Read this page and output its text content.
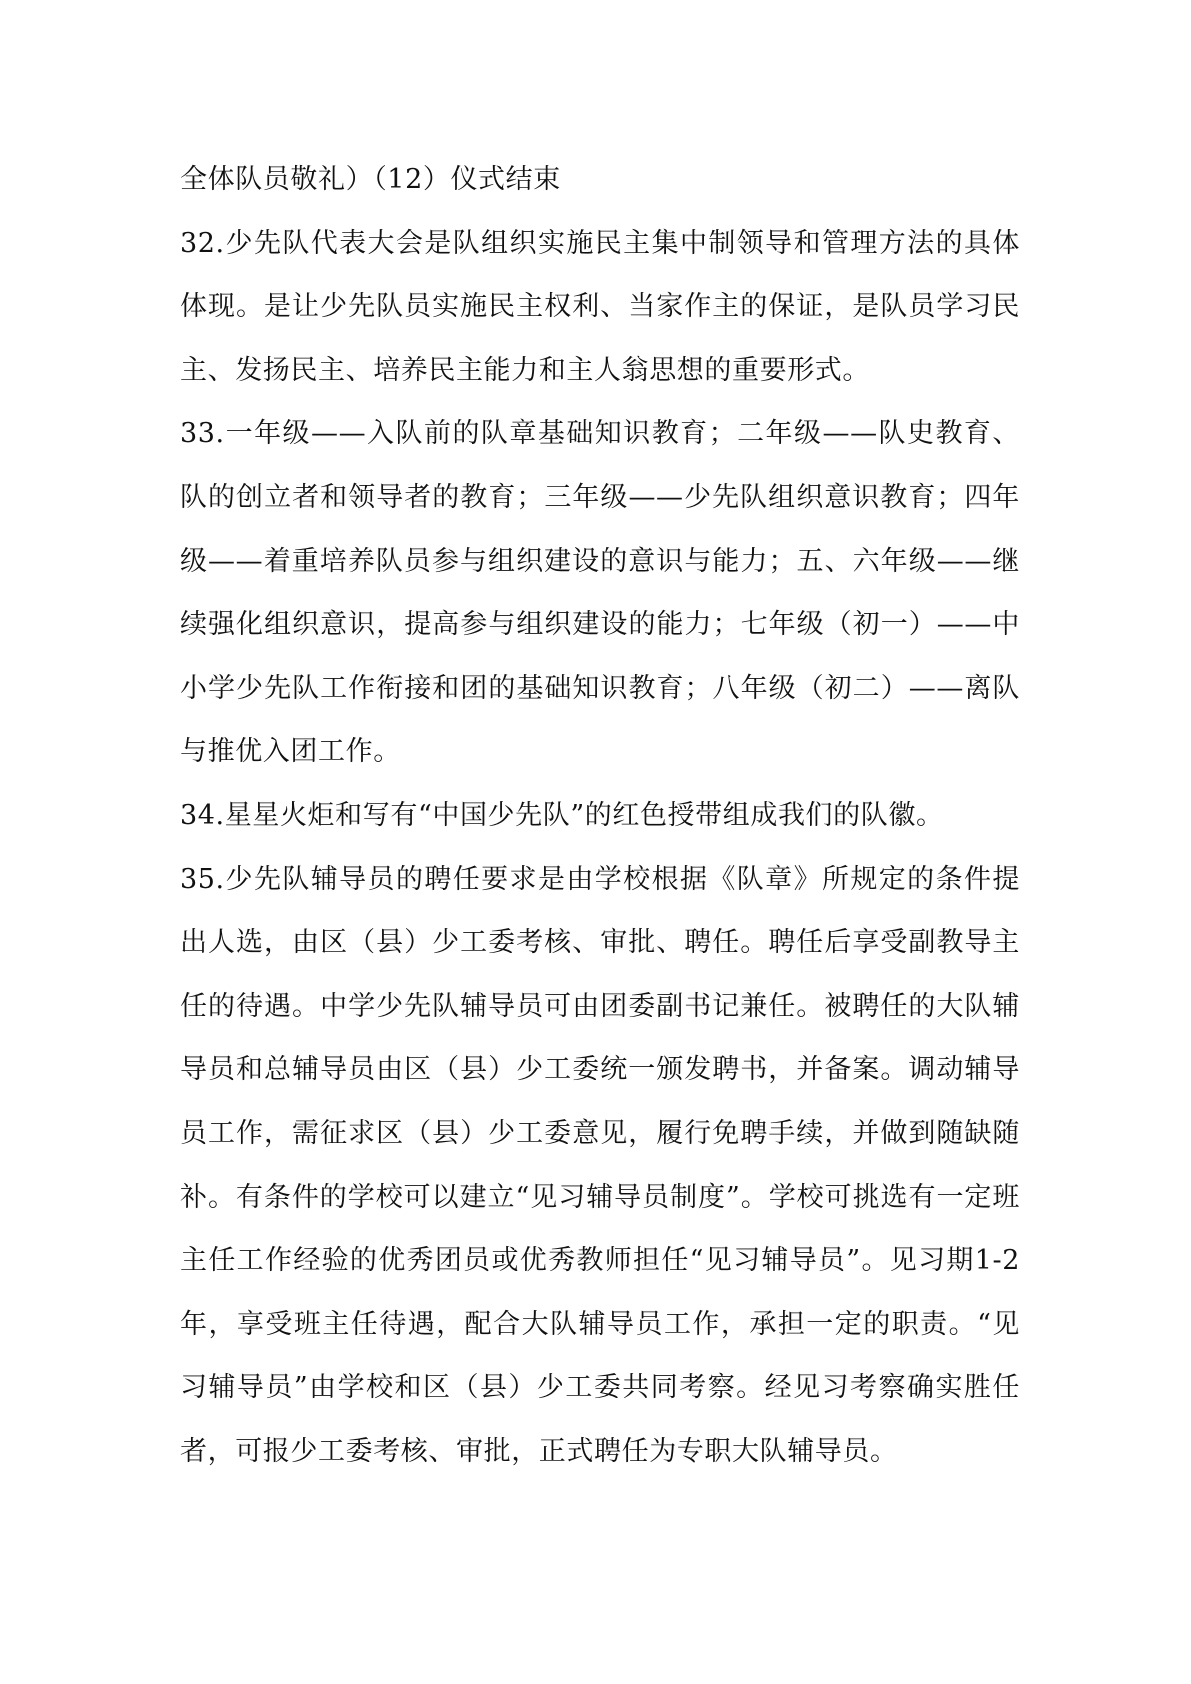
全体队员敬礼）（12）仪式结束

32.少先队代表大会是队组织实施民主集中制领导和管理方法的具体体现。是让少先队员实施民主权利、当家作主的保证，是队员学习民主、发扬民主、培养民主能力和主人翁思想的重要形式。

33.一年级——入队前的队章基础知识教育；二年级——队史教育、队的创立者和领导者的教育；三年级——少先队组织意识教育；四年级——着重培养队员参与组织建设的意识与能力；五、六年级——继续强化组织意识，提高参与组织建设的能力；七年级（初一）——中小学少先队工作衔接和团的基础知识教育；八年级（初二）——离队与推优入团工作。

34.星星火炬和写有“中国少先队”的红色授带组成我们的队徽。

35.少先队辅导员的聘任要求是由学校根据《队章》所规定的条件提出人选，由区（县）少工委考核、审批、聘任。聘任后享受副教导主任的待遇。中学少先队辅导员可由团委副书记兼任。被聘任的大队辅导员和总辅导员由区（县）少工委统一颁发聘书，并备案。调动辅导员工作，需征求区（县）少工委意见，履行免聘手续，并做到随缺随补。有条件的学校可以建立“见习辅导员制度”。学校可挑选有一定班主任工作经验的优秀团员或优秀教师担任“见习辅导员”。见习期1-2年，享受班主任待遇，配合大队辅导员工作，承担一定的职责。“见习辅导员”由学校和区（县）少工委共同考察。经见习考察确实胜任者，可报少工委考核、审批，正式聘任为专职大队辅导员。
